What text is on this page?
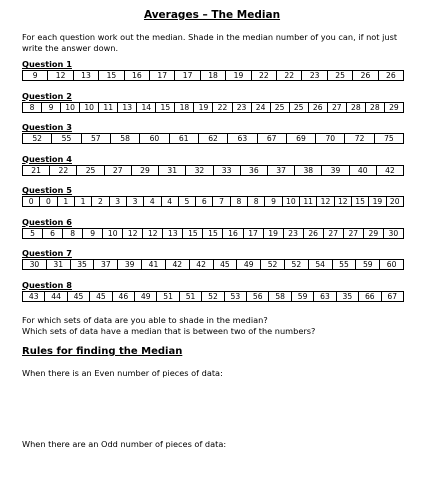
Averages – The Median
For each question work out the median. Shade in the median number of you can, if not just write the answer down.
Question 1
9	12	13	15	16	17	17	18	19	22	22	23	25	26	26
Question 2
8	9	10	10	11	13	14	15	18	19	22	23	24	25	25	26	27	28	28	29
Question 3
52	55	57	58	60	61	62	63	67	69	70	72	75
Question 4
21	22	25	27	29	31	32	33	36	37	38	39	40	42
Question 5
0	0	1	1	2	3	3	4	4	5	6	7	8	8	9	10	11	12	12	15	19	20
Question 6
5	6	8	9	10	12	12	13	15	15	16	17	19	23	26	27	27	29	30
Question 7
30	31	35	37	39	41	42	42	45	49	52	52	54	55	59	60
Question 8
43	44	45	45	46	49	51	51	52	53	56	58	59	63	35	66	67
For which sets of data are you able to shade in the median?
Which sets of data have a median that is between two of the numbers?
Rules for finding the Median
When there is an Even number of pieces of data:
When there are an Odd number of pieces of data:
